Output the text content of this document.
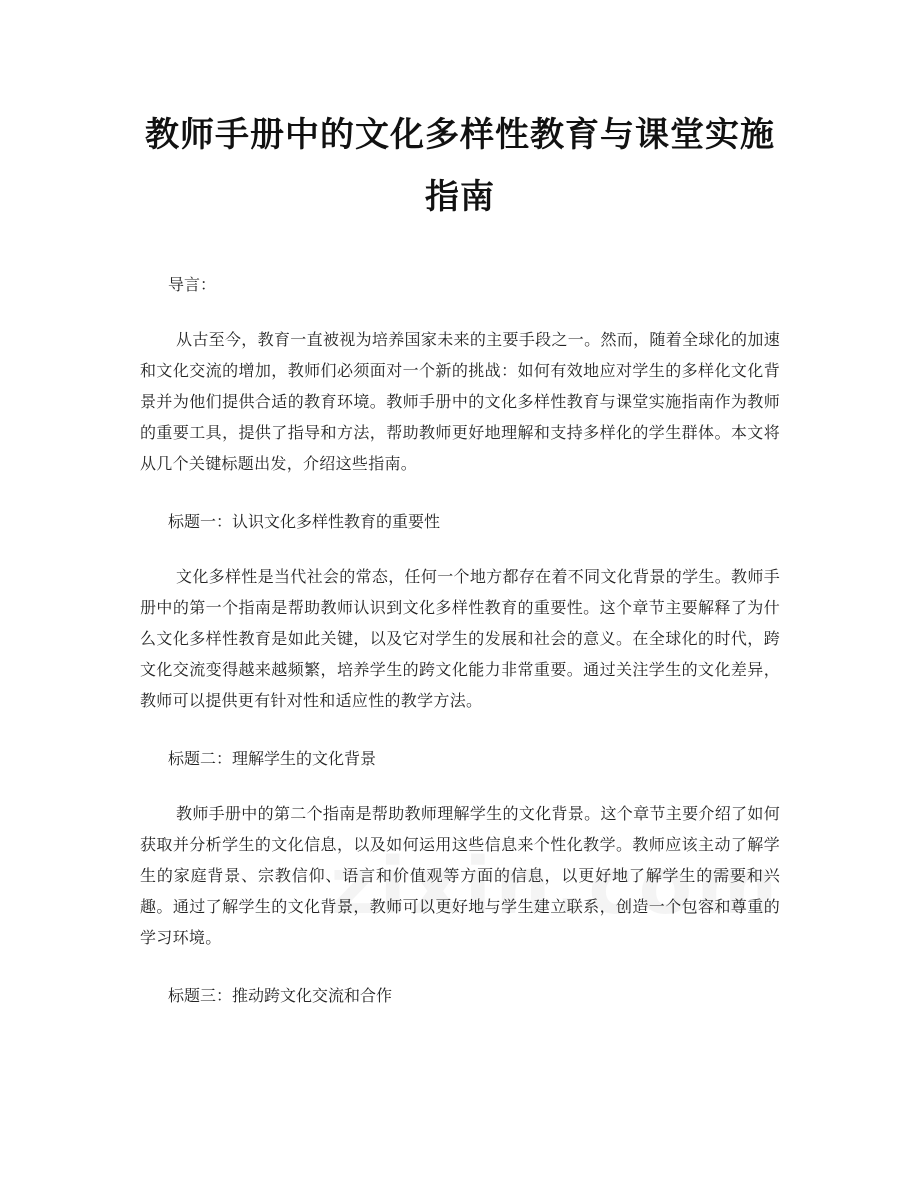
教师手册中的文化多样性教育与课堂实施指南

导言：

从古至今，教育一直被视为培养国家未来的主要手段之一。然而，随着全球化的加速和文化交流的增加，教师们必须面对一个新的挑战：如何有效地应对学生的多样化文化背景并为他们提供合适的教育环境。教师手册中的文化多样性教育与课堂实施指南作为教师的重要工具，提供了指导和方法，帮助教师更好地理解和支持多样化的学生群体。本文将从几个关键标题出发，介绍这些指南。

标题一：认识文化多样性教育的重要性

文化多样性是当代社会的常态，任何一个地方都存在着不同文化背景的学生。教师手册中的第一个指南是帮助教师认识到文化多样性教育的重要性。这个章节主要解释了为什么文化多样性教育是如此关键，以及它对学生的发展和社会的意义。在全球化的时代，跨文化交流变得越来越频繁，培养学生的跨文化能力非常重要。通过关注学生的文化差异，教师可以提供更有针对性和适应性的教学方法。

标题二：理解学生的文化背景

教师手册中的第二个指南是帮助教师理解学生的文化背景。这个章节主要介绍了如何获取并分析学生的文化信息，以及如何运用这些信息来个性化教学。教师应该主动了解学生的家庭背景、宗教信仰、语言和价值观等方面的信息，以更好地了解学生的需要和兴趣。通过了解学生的文化背景，教师可以更好地与学生建立联系，创造一个包容和尊重的学习环境。

标题三：推动跨文化交流和合作
